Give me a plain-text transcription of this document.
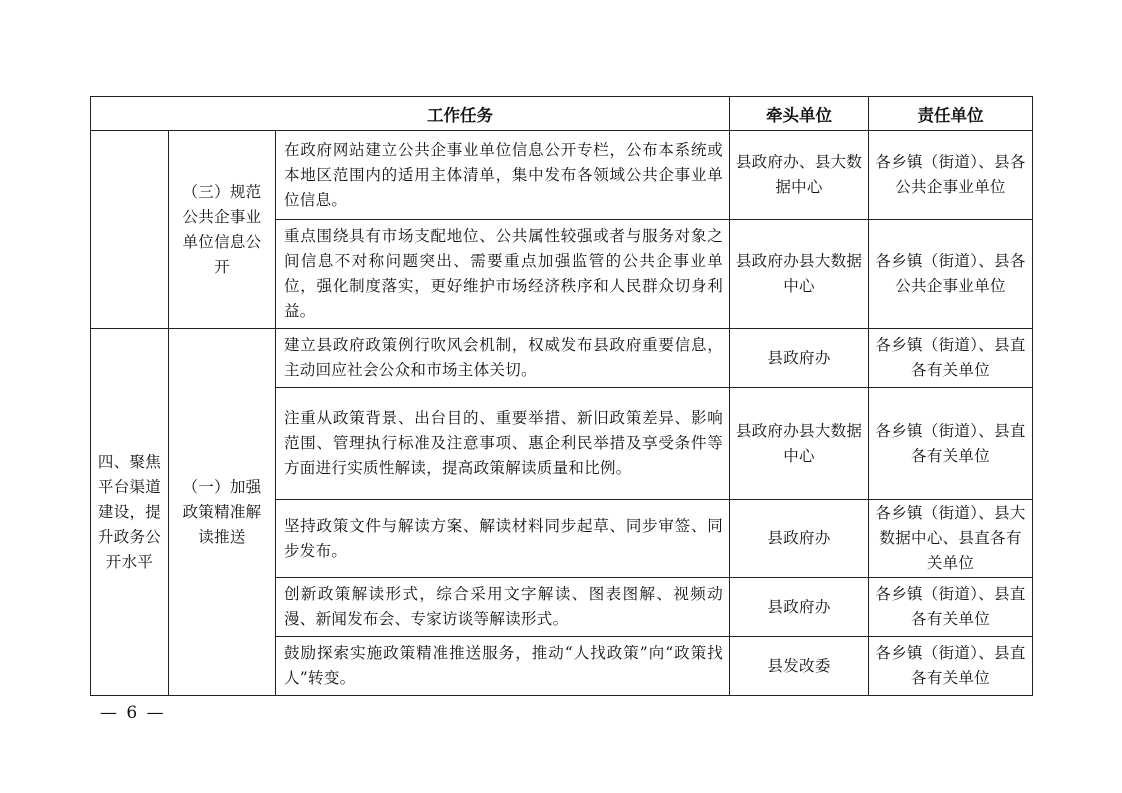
工作任务			牵头单位	责任单位
	（三）规范公共企事业单位信息公开	在政府网站建立公共企事业单位信息公开专栏，公布本系统或本地区范围内的适用主体清单，集中发布各领域公共企事业单位信息。	县政府办、县大数据中心	各乡镇（街道）、县各公共企事业单位
		重点围绕具有市场支配地位、公共属性较强或者与服务对象之间信息不对称问题突出、需要重点加强监管的公共企事业单位，强化制度落实，更好维护市场经济秩序和人民群众切身利益。	县政府办县大数据中心	各乡镇（街道）、县各公共企事业单位
四、聚焦平台渠道建设，提升政务公开水平	（一）加强政策精准解读推送	建立县政府政策例行吹风会机制，权威发布县政府重要信息，主动回应社会公众和市场主体关切。	县政府办	各乡镇（街道）、县直各有关单位
		注重从政策背景、出台目的、重要举措、新旧政策差异、影响范围、管理执行标准及注意事项、惠企利民举措及享受条件等方面进行实质性解读，提高政策解读质量和比例。	县政府办县大数据中心	各乡镇（街道）、县直各有关单位
		坚持政策文件与解读方案、解读材料同步起草、同步审签、同步发布。	县政府办	各乡镇（街道）、县大数据中心、县直各有关单位
		创新政策解读形式，综合采用文字解读、图表图解、视频动漫、新闻发布会、专家访谈等解读形式。	县政府办	各乡镇（街道）、县直各有关单位
		鼓励探索实施政策精准推送服务，推动“人找政策”向“政策找人”转变。	县发改委	各乡镇（街道）、县直各有关单位
— 6 —
